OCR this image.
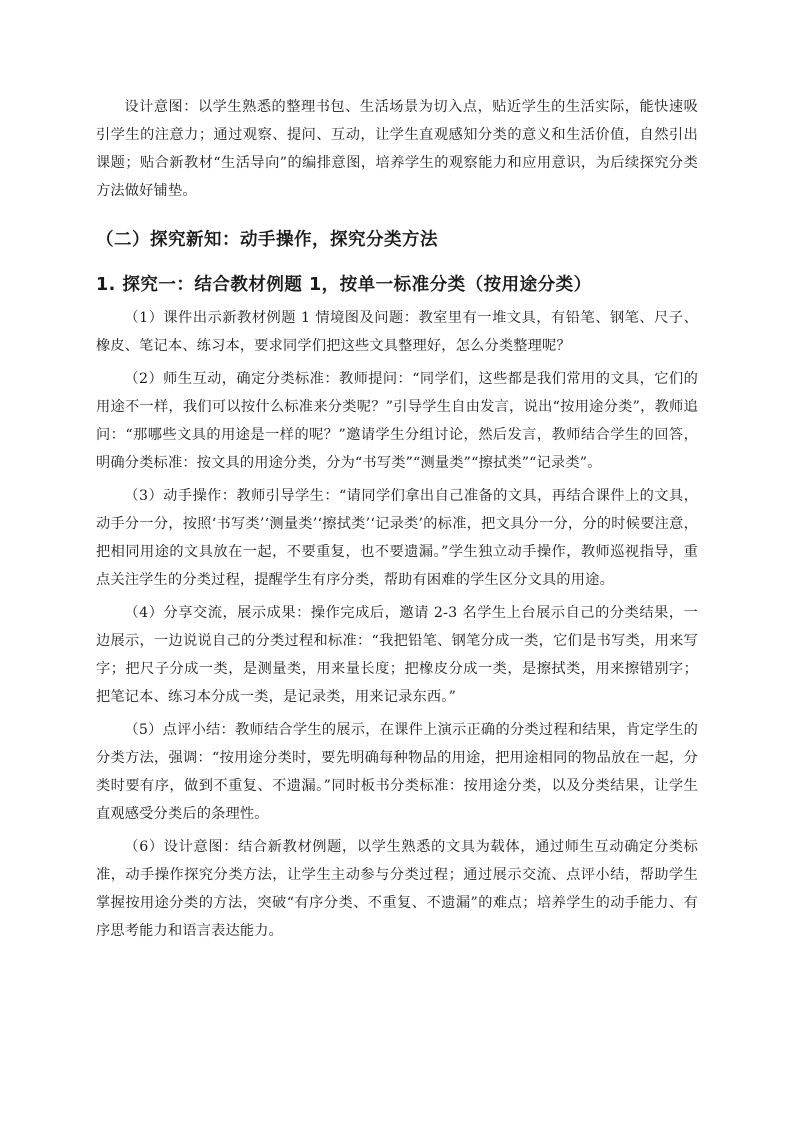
设计意图：以学生熟悉的整理书包、生活场景为切入点，贴近学生的生活实际，能快速吸引学生的注意力；通过观察、提问、互动，让学生直观感知分类的意义和生活价值，自然引出课题；贴合新教材“生活导向”的编排意图，培养学生的观察能力和应用意识，为后续探究分类方法做好铺垫。

（二）探究新知：动手操作，探究分类方法
1. 探究一：结合教材例题 1，按单一标准分类（按用途分类）

（1）课件出示新教材例题 1 情境图及问题：教室里有一堆文具，有铅笔、钢笔、尺子、橡皮、笔记本、练习本，要求同学们把这些文具整理好，怎么分类整理呢？

（2）师生互动，确定分类标准：教师提问：“同学们，这些都是我们常用的文具，它们的用途不一样，我们可以按什么标准来分类呢？”引导学生自由发言，说出“按用途分类”，教师追问：“那哪些文具的用途是一样的呢？”邀请学生分组讨论，然后发言，教师结合学生的回答，明确分类标准：按文具的用途分类，分为“书写类”“测量类”“擦拭类”“记录类”。

（3）动手操作：教师引导学生：“请同学们拿出自己准备的文具，再结合课件上的文具，动手分一分，按照‘书写类’‘测量类’‘擦拭类’‘记录类’的标准，把文具分一分，分的时候要注意，把相同用途的文具放在一起，不要重复，也不要遗漏。”学生独立动手操作，教师巡视指导，重点关注学生的分类过程，提醒学生有序分类，帮助有困难的学生区分文具的用途。

（4）分享交流，展示成果：操作完成后，邀请 2-3 名学生上台展示自己的分类结果，一边展示，一边说说自己的分类过程和标准：“我把铅笔、钢笔分成一类，它们是书写类，用来写字；把尺子分成一类，是测量类，用来量长度；把橡皮分成一类，是擦拭类，用来擦错别字；把笔记本、练习本分成一类，是记录类，用来记录东西。”

（5）点评小结：教师结合学生的展示，在课件上演示正确的分类过程和结果，肯定学生的分类方法，强调：“按用途分类时，要先明确每种物品的用途，把用途相同的物品放在一起，分类时要有序，做到不重复、不遗漏。”同时板书分类标准：按用途分类，以及分类结果，让学生直观感受分类后的条理性。

（6）设计意图：结合新教材例题，以学生熟悉的文具为载体，通过师生互动确定分类标准，动手操作探究分类方法，让学生主动参与分类过程；通过展示交流、点评小结，帮助学生掌握按用途分类的方法，突破“有序分类、不重复、不遗漏”的难点；培养学生的动手能力、有序思考能力和语言表达能力。
